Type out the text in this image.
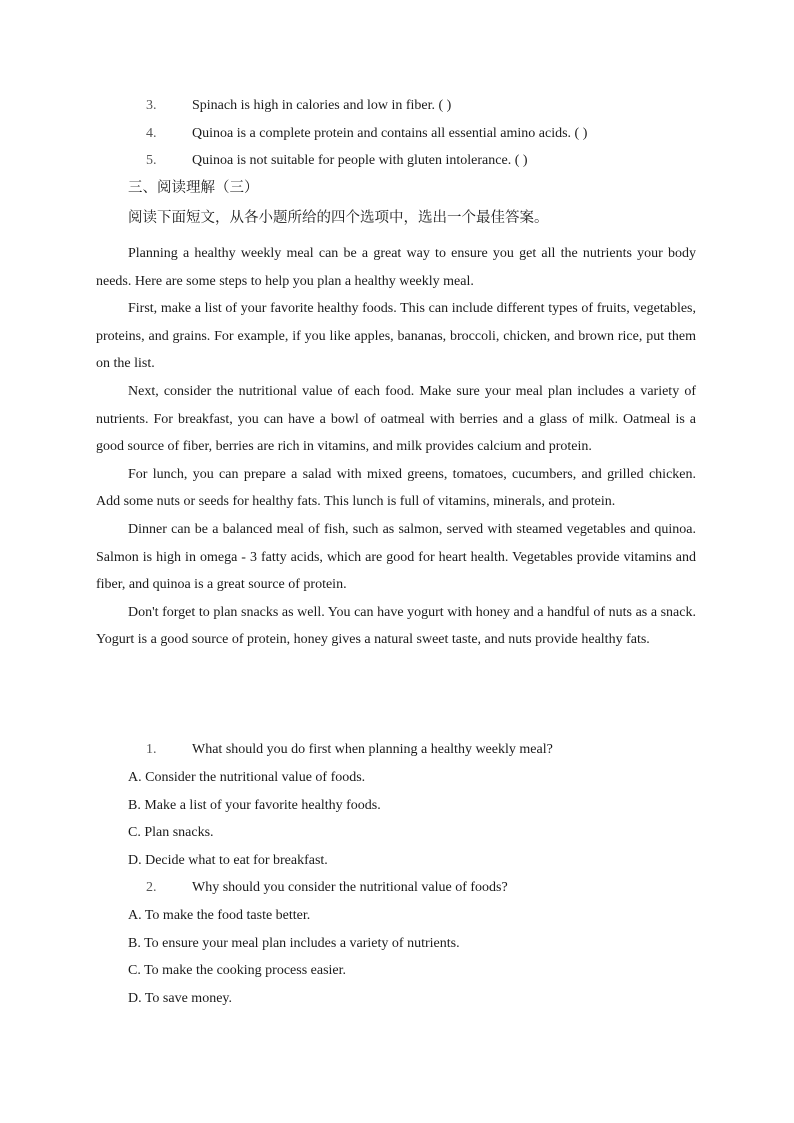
3.	Spinach is high in calories and low in fiber. ( )
4.	Quinoa is a complete protein and contains all essential amino acids. ( )
5.	Quinoa is not suitable for people with gluten intolerance. ( )
三、阅读理解（三）
阅读下面短文，从各小题所给的四个选项中，选出一个最佳答案。

Planning a healthy weekly meal can be a great way to ensure you get all the nutrients your body needs. Here are some steps to help you plan a healthy weekly meal.

First, make a list of your favorite healthy foods. This can include different types of fruits, vegetables, proteins, and grains. For example, if you like apples, bananas, broccoli, chicken, and brown rice, put them on the list.

Next, consider the nutritional value of each food. Make sure your meal plan includes a variety of nutrients. For breakfast, you can have a bowl of oatmeal with berries and a glass of milk. Oatmeal is a good source of fiber, berries are rich in vitamins, and milk provides calcium and protein.

For lunch, you can prepare a salad with mixed greens, tomatoes, cucumbers, and grilled chicken. Add some nuts or seeds for healthy fats. This lunch is full of vitamins, minerals, and protein.

Dinner can be a balanced meal of fish, such as salmon, served with steamed vegetables and quinoa. Salmon is high in omega - 3 fatty acids, which are good for heart health. Vegetables provide vitamins and fiber, and quinoa is a great source of protein.

Don't forget to plan snacks as well. You can have yogurt with honey and a handful of nuts as a snack. Yogurt is a good source of protein, honey gives a natural sweet taste, and nuts provide healthy fats.

1.	What should you do first when planning a healthy weekly meal?
A. Consider the nutritional value of foods.
B. Make a list of your favorite healthy foods.
C. Plan snacks.
D. Decide what to eat for breakfast.
2.	Why should you consider the nutritional value of foods?
A. To make the food taste better.
B. To ensure your meal plan includes a variety of nutrients.
C. To make the cooking process easier.
D. To save money.
